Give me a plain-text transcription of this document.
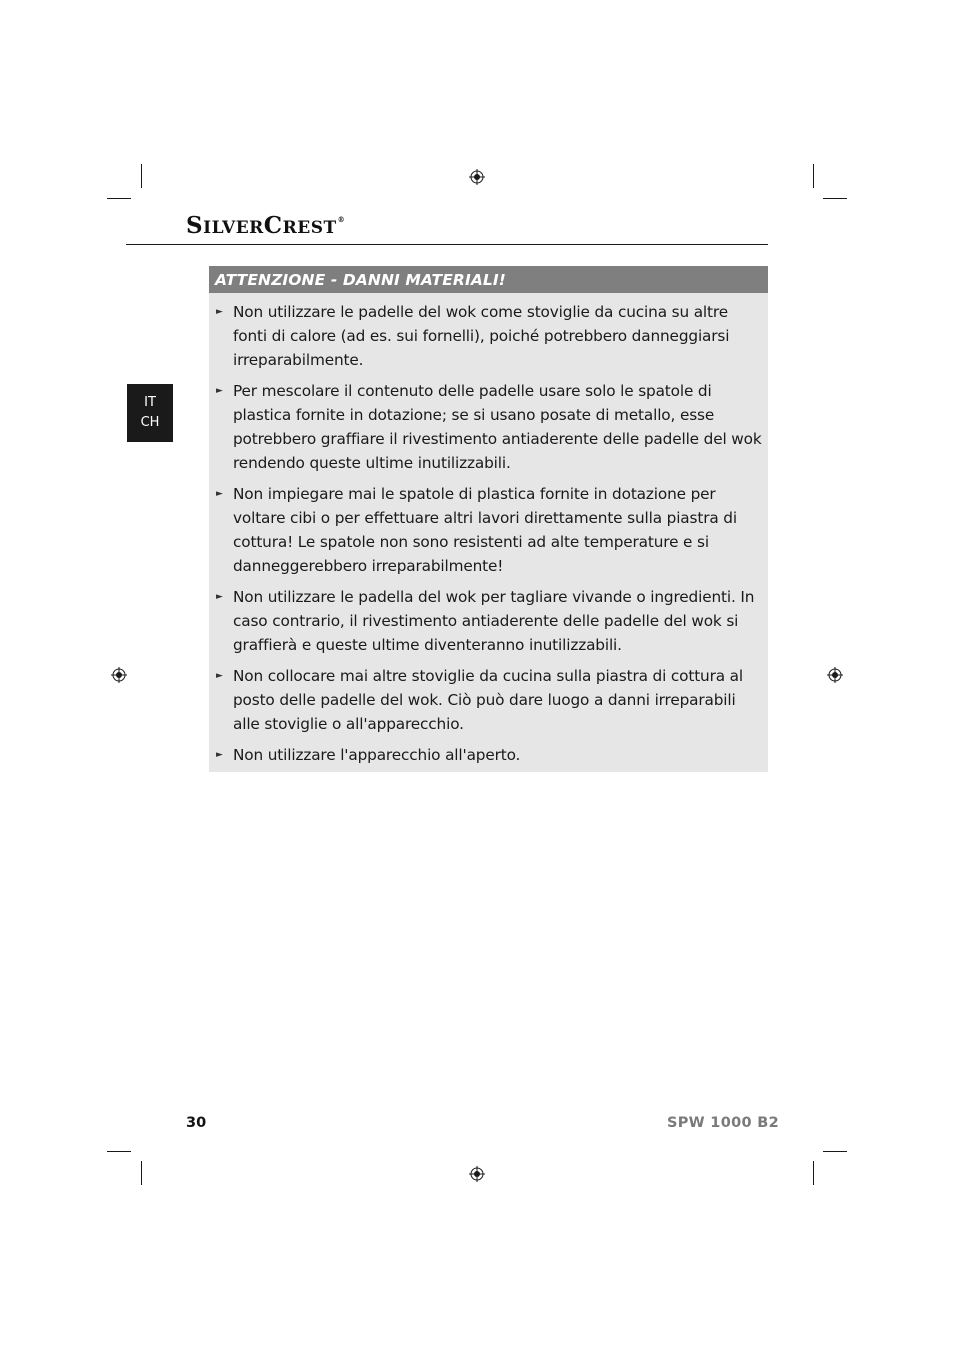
SILVERCREST®
IT
CH
ATTENZIONE - DANNI MATERIALI!
► Non utilizzare le padelle del wok come stoviglie da cucina su altre fonti di calore (ad es. sui fornelli), poiché potrebbero danneggiarsi irreparabilmente.
► Per mescolare il contenuto delle padelle usare solo le spatole di plastica fornite in dotazione; se si usano posate di metallo, esse potrebbero graffiare il rivestimento antiaderente delle padelle del wok rendendo queste ultime inutilizzabili.
► Non impiegare mai le spatole di plastica fornite in dotazione per voltare cibi o per effettuare altri lavori direttamente sulla piastra di cottura! Le spatole non sono resistenti ad alte temperature e si danneggerebbero irreparabilmente!
► Non utilizzare le padella del wok per tagliare vivande o ingredienti. In caso contrario, il rivestimento antiaderente delle padelle del wok si graffierà e queste ultime diventeranno inutilizzabili.
► Non collocare mai altre stoviglie da cucina sulla piastra di cottura al posto delle padelle del wok. Ciò può dare luogo a danni irreparabili alle stoviglie o all'apparecchio.
► Non utilizzare l'apparecchio all'aperto.
30	SPW 1000 B2
